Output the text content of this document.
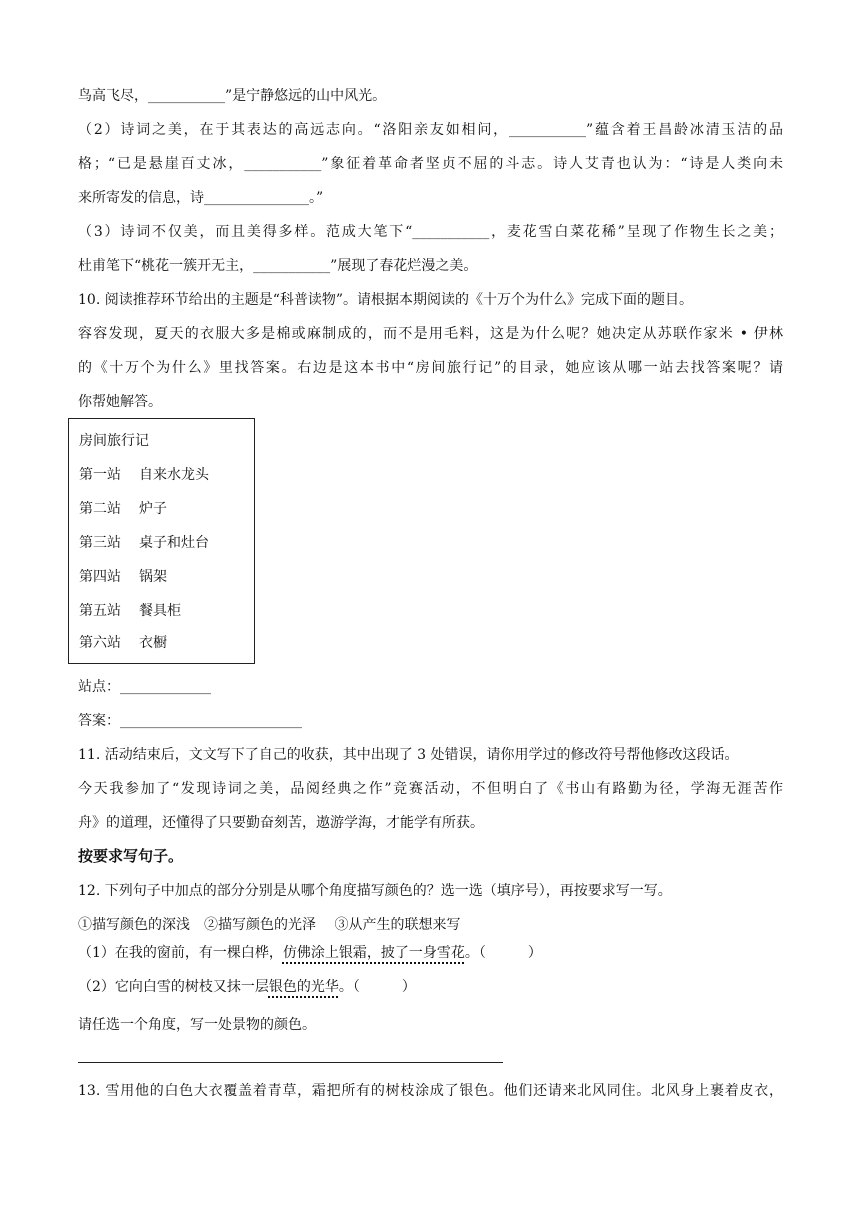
鸟高飞尽，___________”是宁静悠远的山中风光。
（2）诗词之美，在于其表达的高远志向。“洛阳亲友如相问，___________”蕴含着王昌龄冰清玉洁的品
格；“已是悬崖百丈冰，___________”象征着革命者坚贞不屈的斗志。诗人艾青也认为：“诗是人类向未
来所寄发的信息，诗_______________。”
（3）诗词不仅美，而且美得多样。范成大笔下“___________，麦花雪白菜花稀”呈现了作物生长之美；
杜甫笔下“桃花一簇开无主，___________”展现了春花烂漫之美。
10. 阅读推荐环节给出的主题是“科普读物”。请根据本期阅读的《十万个为什么》完成下面的题目。
容容发现，夏天的衣服大多是棉或麻制成的，而不是用毛料，这是为什么呢？她决定从苏联作家米 • 伊林
的《十万个为什么》里找答案。右边是这本书中“房间旅行记”的目录，她应该从哪一站去找答案呢？请
你帮她解答。
房间旅行记
第一站 自来水龙头
第二站 炉子
第三站 桌子和灶台
第四站 锅架
第五站 餐具柜
第六站 衣橱
站点：_____________
答案：__________________________
11. 活动结束后，文文写下了自己的收获，其中出现了 3 处错误，请你用学过的修改符号帮他修改这段话。
今天我参加了“发现诗词之美，品阅经典之作”竞赛活动，不但明白了《书山有路勤为径，学海无涯苦作
舟》的道理，还懂得了只要勤奋刻苦，遨游学海，才能学有所获。
按要求写句子。
12. 下列句子中加点的部分分别是从哪个角度描写颜色的？选一选（填序号），再按要求写一写。
①描写颜色的深浅　②描写颜色的光泽　 ③从产生的联想来写
（1）在我的窗前，有一棵白桦，仿佛涂上银霜，披了一身雪花。（　　　）
（2）它向白雪的树枝又抹一层银色的光华。（　　　）
请任选一个角度，写一处景物的颜色。
13. 雪用他的白色大衣覆盖着青草，霜把所有的树枝涂成了银色。他们还请来北风同住。北风身上裹着皮衣，
